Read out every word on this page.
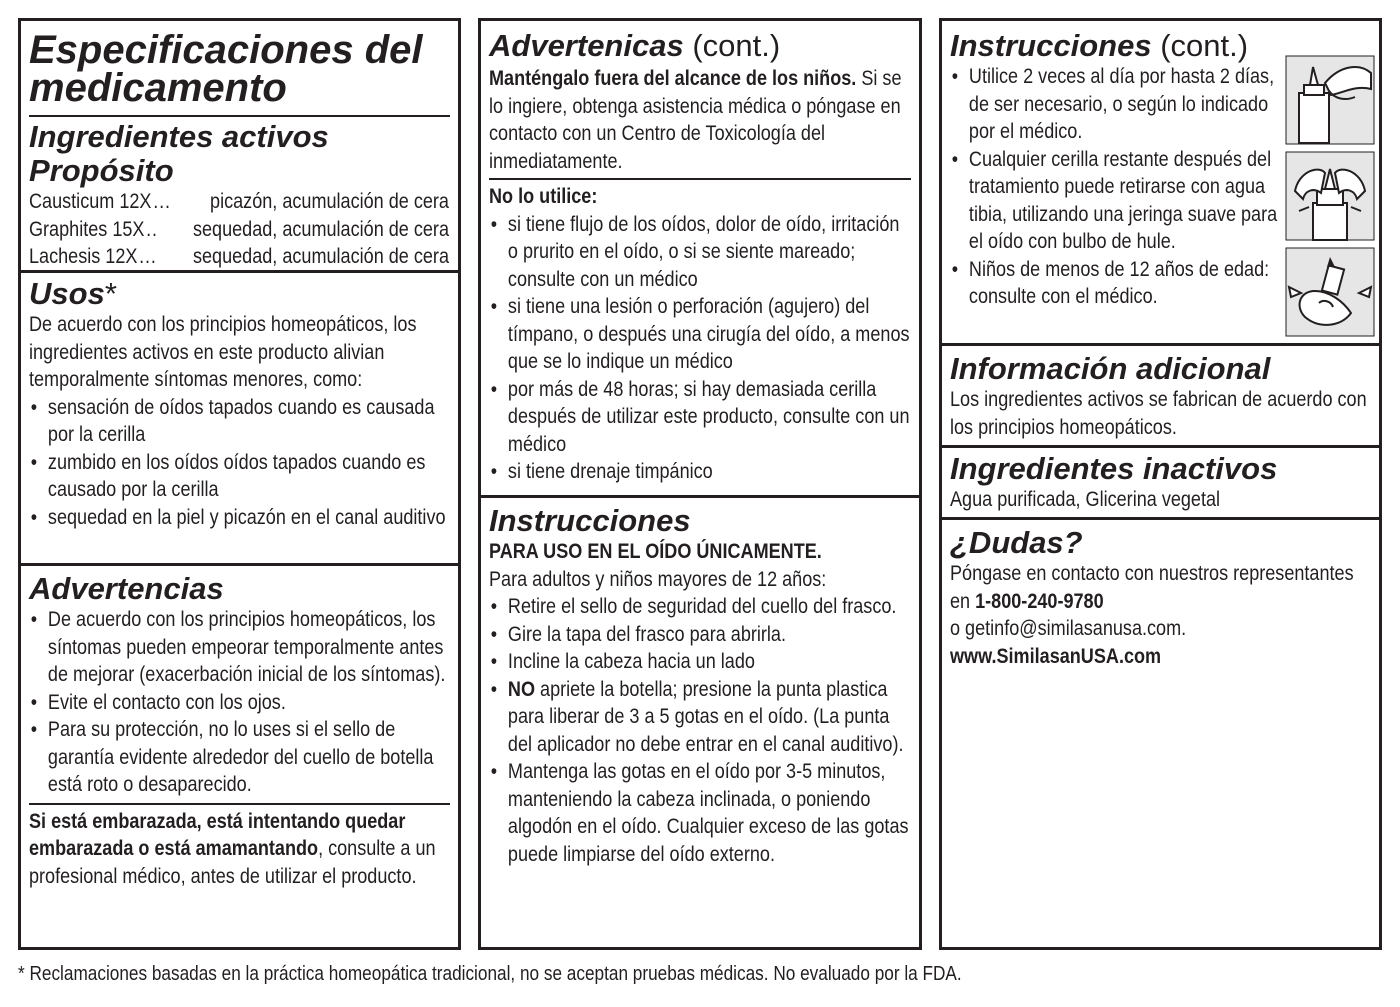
Especificaciones del
medicamento
Ingredientes activos Propósito
Causticum 12X ...	picazón, acumulación de cera
Graphites 15X ..	sequedad, acumulación de cera
Lachesis 12X ...	sequedad, acumulación de cera
Usos*
De acuerdo con los principios homeopáticos, los ingredientes activos en este producto alivian temporalmente síntomas menores, como:
• sensación de oídos tapados cuando es causada por la cerilla
• zumbido en los oídos oídos tapados cuando es causado por la cerilla
• sequedad en la piel y picazón en el canal auditivo
Advertencias
• De acuerdo con los principios homeopáticos, los síntomas pueden empeorar temporalmente antes de mejorar (exacerbación inicial de los síntomas).
• Evite el contacto con los ojos.
• Para su protección, no lo uses si el sello de garantía evidente alrededor del cuello de botella está roto o desaparecido.
Si está embarazada, está intentando quedar embarazada o está amamantando, consulte a un profesional médico, antes de utilizar el producto.
Advertenicas (cont.)
Manténgalo fuera del alcance de los niños. Si se lo ingiere, obtenga asistencia médica o póngase en contacto con un Centro de Toxicología del inmediatamente.
No lo utilice:
• si tiene flujo de los oídos, dolor de oído, irritación o prurito en el oído, o si se siente mareado; consulte con un médico
• si tiene una lesión o perforación (agujero) del tímpano, o después una cirugía del oído, a menos que se lo indique un médico
• por más de 48 horas; si hay demasiada cerilla después de utilizar este producto, consulte con un médico
• si tiene drenaje timpánico
Instrucciones
PARA USO EN EL OÍDO ÚNICAMENTE.
Para adultos y niños mayores de 12 años:
• Retire el sello de seguridad del cuello del frasco.
• Gire la tapa del frasco para abrirla.
• Incline la cabeza hacia un lado
• NO apriete la botella; presione la punta plastica para liberar de 3 a 5 gotas en el oído. (La punta del aplicador no debe entrar en el canal auditivo).
• Mantenga las gotas en el oído por 3-5 minutos, manteniendo la cabeza inclinada, o poniendo algodón en el oído. Cualquier exceso de las gotas puede limpiarse del oído externo.
Instrucciones (cont.)
• Utilice 2 veces al día por hasta 2 días, de ser necesario, o según lo indicado por el médico.
• Cualquier cerilla restante después del tratamiento puede retirarse con agua tibia, utilizando una jeringa suave para el oído con bulbo de hule.
• Niños de menos de 12 años de edad: consulte con el médico.
Información adicional
Los ingredientes activos se fabrican de acuerdo con los principios homeopáticos.
Ingredientes inactivos
Agua purificada, Glicerina vegetal
¿Dudas?
Póngase en contacto con nuestros representantes en 1-800-240-9780
o getinfo@similasanusa.com.
www.SimilasanUSA.com
* Reclamaciones basadas en la práctica homeopática tradicional, no se aceptan pruebas médicas. No evaluado por la FDA.
